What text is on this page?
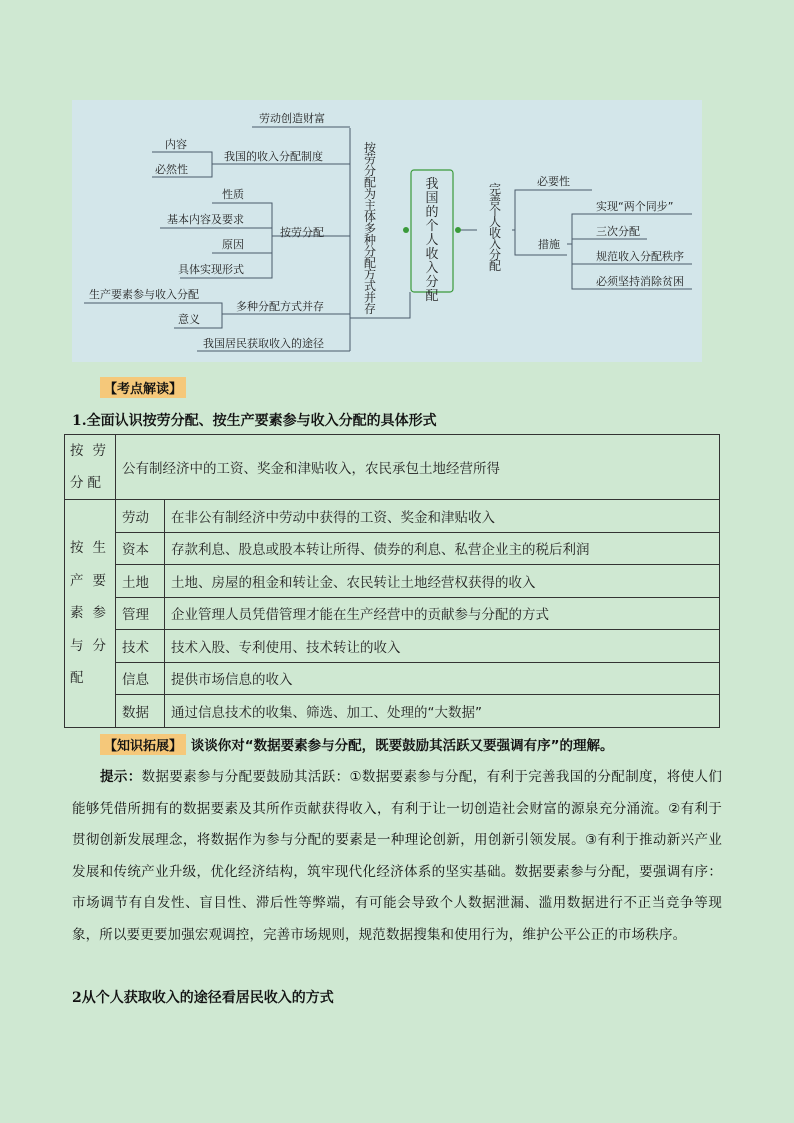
我
国
的
个
人
收
入
分
配
按
劳
分
配
为
主
体
多
种
分
配
方
式
并
存
完
善
个
人
收
入
分
配
劳动创造财富
我国的收入分配制度
内容
必然性
按劳分配
性质
基本内容及要求
原因
具体实现形式
多种分配方式并存
生产要素参与收入分配
意义
我国居民获取收入的途径
必要性
措施
实现“两个同步”
三次分配
规范收入分配秩序
必须坚持消除贫困
【考点解读】
1.全面认识按劳分配、按生产要素参与收入分配的具体形式
按劳分配	公有制经济中的工资、奖金和津贴收入，农民承包土地经营所得	
按生产要素参与分配	劳动	在非公有制经济中劳动中获得的工资、奖金和津贴收入
	资本	存款利息、股息或股本转让所得、债券的利息、私营企业主的税后利润
	土地	土地、房屋的租金和转让金、农民转让土地经营权获得的收入
	管理	企业管理人员凭借管理才能在生产经营中的贡献参与分配的方式
	技术	技术入股、专利使用、技术转让的收入
	信息	提供市场信息的收入
	数据	通过信息技术的收集、筛选、加工、处理的“大数据”
【知识拓展】 谈谈你对“数据要素参与分配，既要鼓励其活跃又要强调有序”的理解。
提示：数据要素参与分配要鼓励其活跃：①数据要素参与分配，有利于完善我国的分配制度，将使人们能够凭借所拥有的数据要素及其所作贡献获得收入，有利于让一切创造社会财富的源泉充分涌流。②有利于贯彻创新发展理念，将数据作为参与分配的要素是一种理论创新，用创新引领发展。③有利于推动新兴产业发展和传统产业升级，优化经济结构，筑牢现代化经济体系的坚实基础。数据要素参与分配，要强调有序：市场调节有自发性、盲目性、滞后性等弊端，有可能会导致个人数据泄漏、滥用数据进行不正当竞争等现象，所以要更要加强宏观调控，完善市场规则，规范数据搜集和使用行为，维护公平公正的市场秩序。
2从个人获取收入的途径看居民收入的方式
